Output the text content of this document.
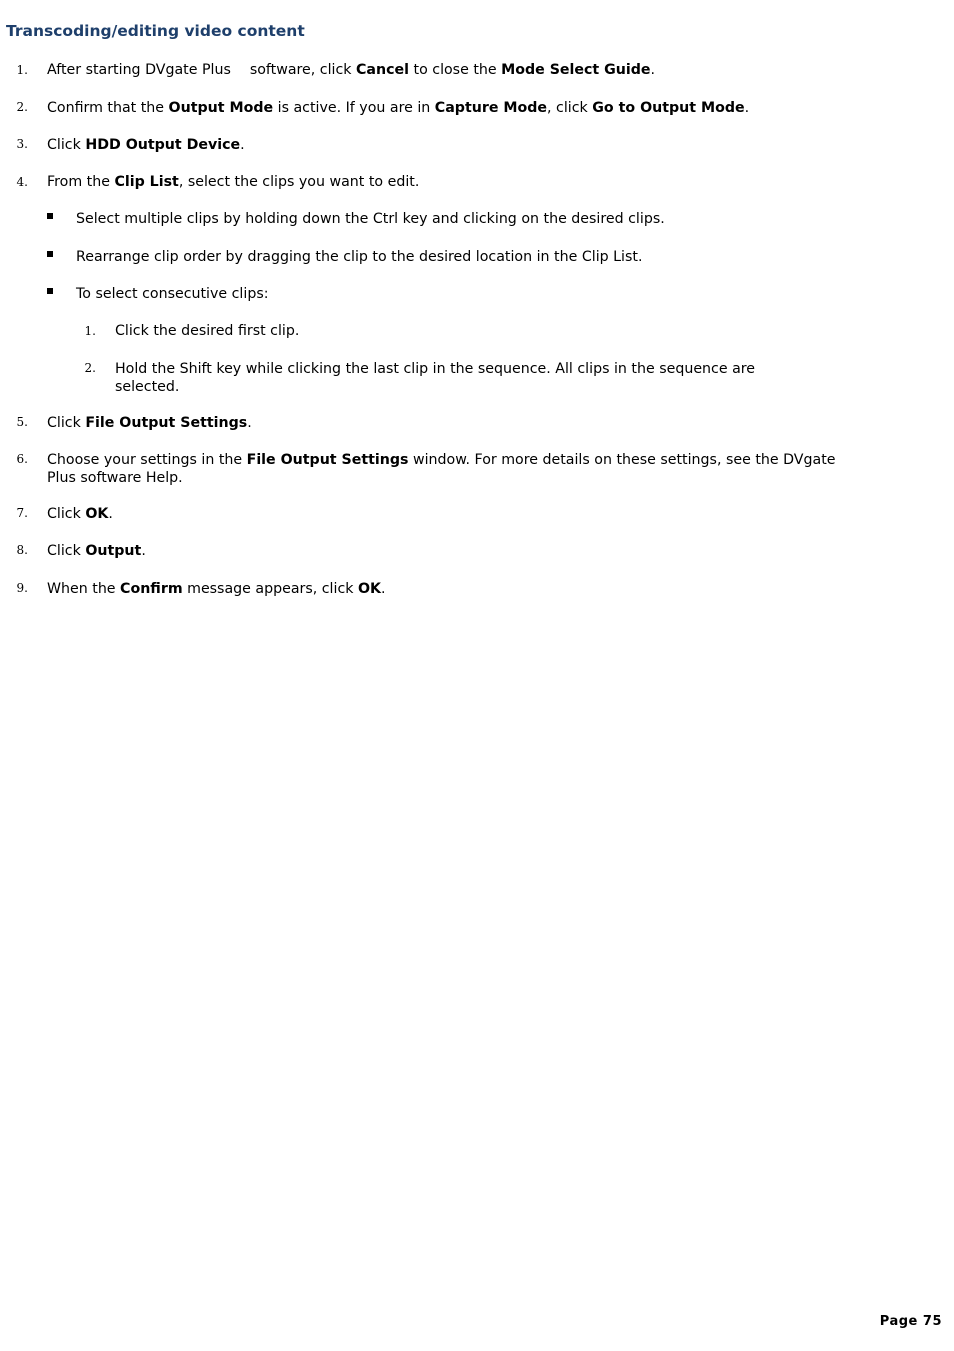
Transcoding/editing video content
1. After starting DVgate Plus software, click Cancel to close the Mode Select Guide.
2. Confirm that the Output Mode is active. If you are in Capture Mode, click Go to Output Mode.
3. Click HDD Output Device.
4. From the Clip List, select the clips you want to edit.
Select multiple clips by holding down the Ctrl key and clicking on the desired clips.
Rearrange clip order by dragging the clip to the desired location in the Clip List.
To select consecutive clips:
1. Click the desired first clip.
2. Hold the Shift key while clicking the last clip in the sequence. All clips in the sequence are
selected.
5. Click File Output Settings.
6. Choose your settings in the File Output Settings window. For more details on these settings, see the DVgate
Plus software Help.
7. Click OK.
8. Click Output.
9. When the Confirm message appears, click OK.
Page 75
